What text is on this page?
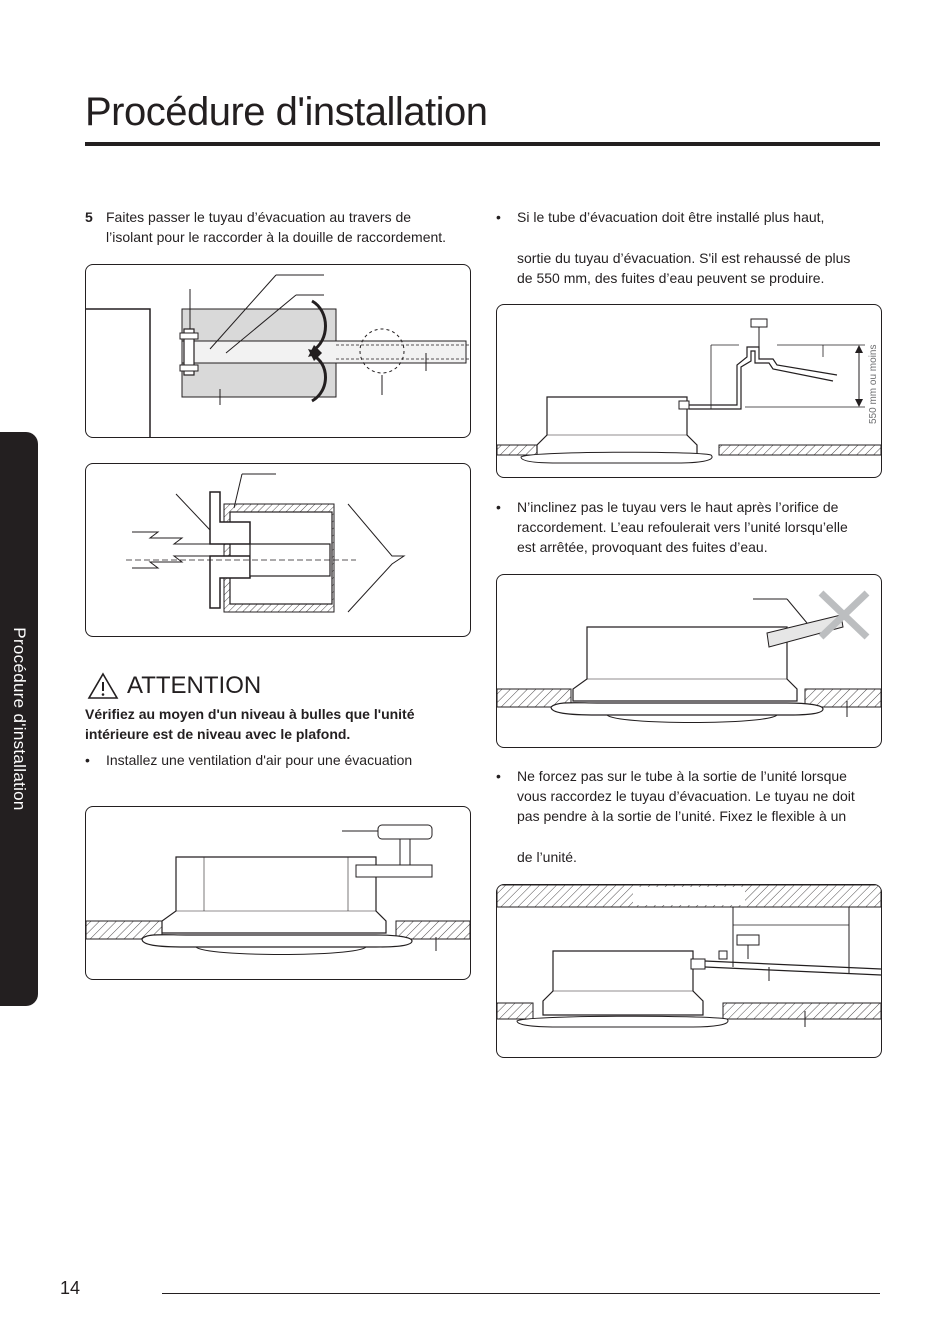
Procédure d'installation
Procédure d'installation
5 Faites passer le tuyau d’évacuation au travers de

l’isolant pour le raccorder à la douille de raccordement.

ATTENTION
Vérifiez au moyen d'un niveau à bulles que l'unité
intérieure est de niveau avec le plafond.
• Installez une ventilation d'air pour une évacuation

• Si le tube d’évacuation doit être installé plus haut,

sortie du tuyau d’évacuation. S'il est rehaussé de plus

de 550 mm, des fuites d’eau peuvent se produire.

550 mm ou moins
• N’inclinez pas le tuyau vers le haut après l’orifice de

raccordement. L’eau refoulerait vers l’unité lorsqu’elle

est arrêtée, provoquant des fuites d’eau.

• Ne forcez pas sur le tube à la sortie de l’unité lorsque

vous raccordez le tuyau d’évacuation. Le tuyau ne doit

pas pendre à la sortie de l’unité. Fixez le flexible à un

de l’unité.

14
